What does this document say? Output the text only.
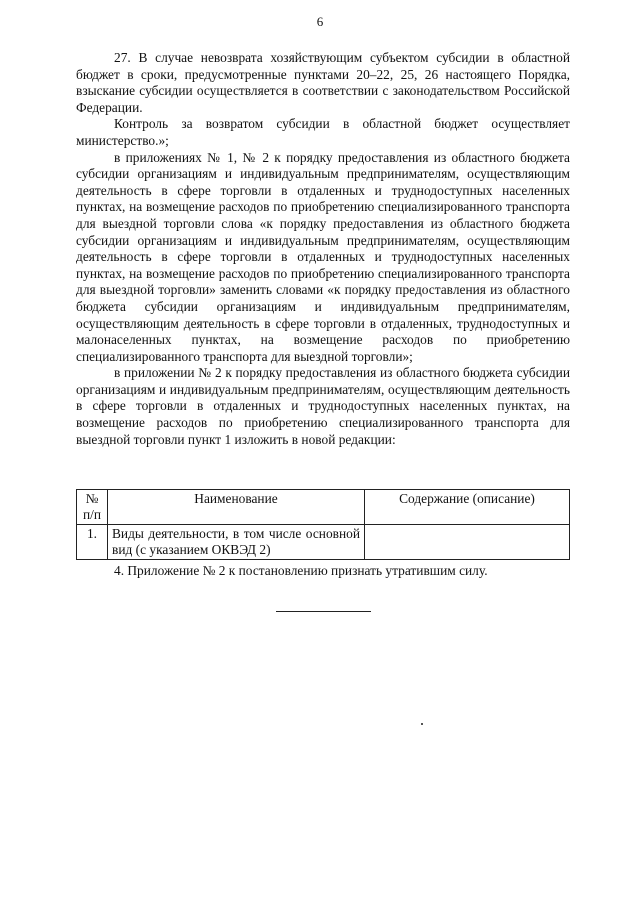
6

27. В случае невозврата хозяйствующим субъектом субсидии в областной бюджет в сроки, предусмотренные пунктами 20–22, 25, 26 настоящего Порядка, взыскание субсидии осуществляется в соответствии с законодательством Российской Федерации.

Контроль за возвратом субсидии в областной бюджет осуществляет министерство.»;

в приложениях № 1, № 2 к порядку предоставления из областного бюджета субсидии организациям и индивидуальным предпринимателям, осуществляющим деятельность в сфере торговли в отдаленных и труднодоступных населенных пунктах, на возмещение расходов по приобретению специализированного транспорта для выездной торговли слова «к порядку предоставления из областного бюджета субсидии организациям и индивидуальным предпринимателям, осуществляющим деятельность в сфере торговли в отдаленных и труднодоступных населенных пунктах, на возмещение расходов по приобретению специализированного транспорта для выездной торговли» заменить словами «к порядку предоставления из областного бюджета субсидии организациям и индивидуальным предпринимателям, осуществляющим деятельность в сфере торговли в отдаленных, труднодоступных и малонаселенных пунктах, на возмещение расходов по приобретению специализированного транспорта для выездной торговли»;

в приложении № 2 к порядку предоставления из областного бюджета субсидии организациям и индивидуальным предпринимателям, осуществляющим деятельность в сфере торговли в отдаленных и труднодоступных населенных пунктах, на возмещение расходов по приобретению специализированного транспорта для выездной торговли пункт 1 изложить в новой редакции:

№ п/п	Наименование	Содержание (описание)
1.	Виды деятельности, в том числе основной вид (с указанием ОКВЭД 2)	

4. Приложение № 2 к постановлению признать утратившим силу.
